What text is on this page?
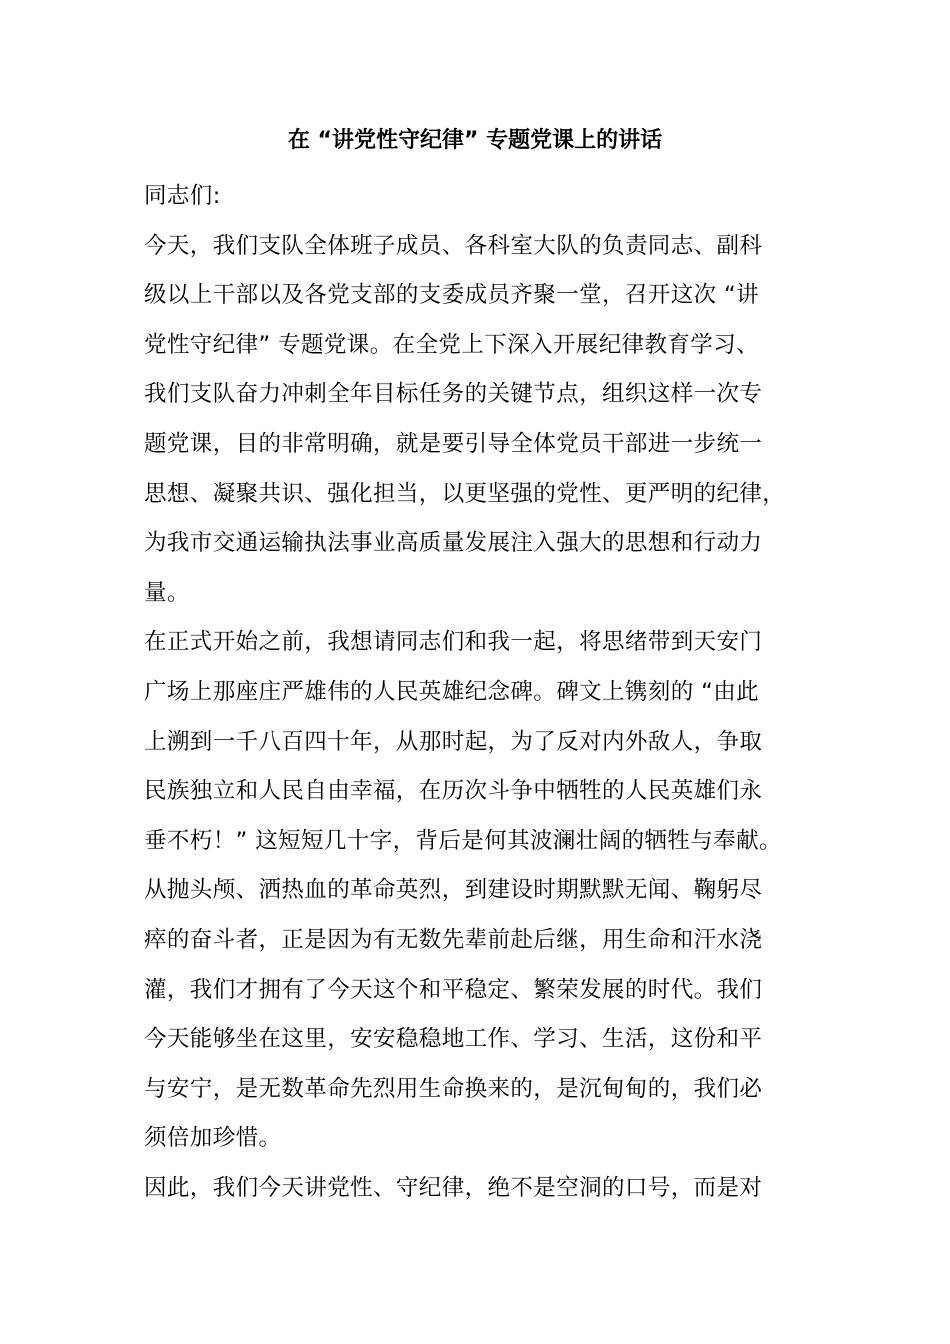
在 “讲党性守纪律” 专题党课上的讲话
同志们:
今天，我们支队全体班子成员、各科室大队的负责同志、副科
级以上干部以及各党支部的支委成员齐聚一堂，召开这次 “讲
党性守纪律” 专题党课。在全党上下深入开展纪律教育学习、
我们支队奋力冲刺全年目标任务的关键节点，组织这样一次专
题党课，目的非常明确，就是要引导全体党员干部进一步统一
思想、凝聚共识、强化担当，以更坚强的党性、更严明的纪律，
为我市交通运输执法事业高质量发展注入强大的思想和行动力
量。
在正式开始之前，我想请同志们和我一起，将思绪带到天安门
广场上那座庄严雄伟的人民英雄纪念碑。碑文上镌刻的 “由此
上溯到一千八百四十年，从那时起，为了反对内外敌人，争取
民族独立和人民自由幸福，在历次斗争中牺牲的人民英雄们永
垂不朽！” 这短短几十字，背后是何其波澜壮阔的牺牲与奉献。
从抛头颅、洒热血的革命英烈，到建设时期默默无闻、鞠躬尽
瘁的奋斗者，正是因为有无数先辈前赴后继，用生命和汗水浇
灌，我们才拥有了今天这个和平稳定、繁荣发展的时代。我们
今天能够坐在这里，安安稳稳地工作、学习、生活，这份和平
与安宁，是无数革命先烈用生命换来的，是沉甸甸的，我们必
须倍加珍惜。
因此，我们今天讲党性、守纪律，绝不是空洞的口号，而是对
